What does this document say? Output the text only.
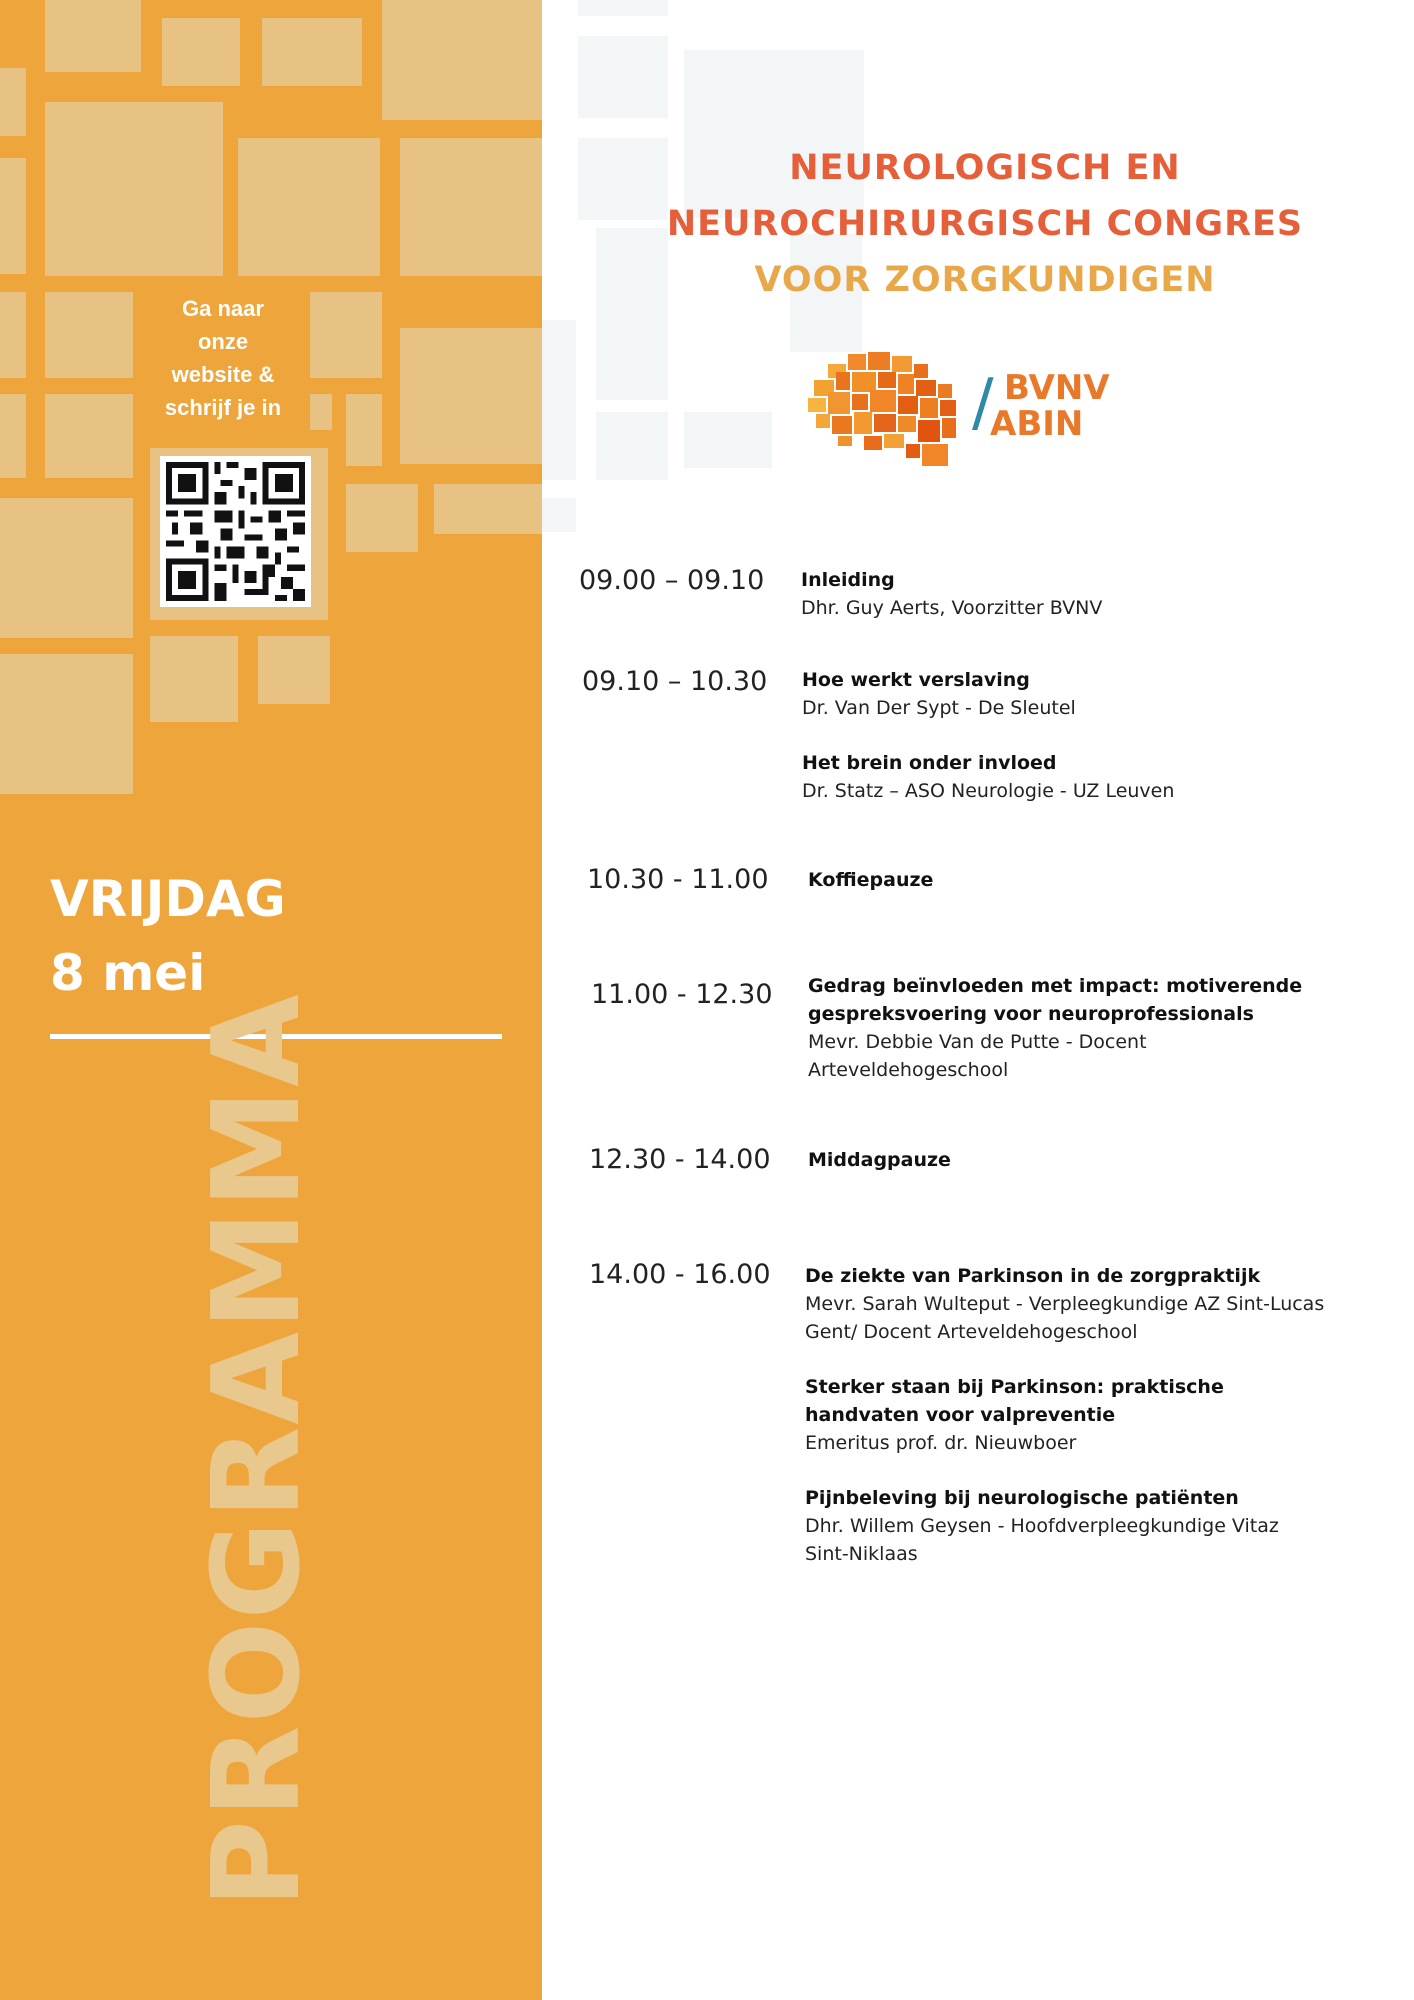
Ga naar
onze
website &
schrijf je in
VRIJDAG
8 mei
PROGRAMMA
NEUROLOGISCH EN
NEUROCHIRURGISCH CONGRES
VOOR ZORGKUNDIGEN
/ BVNV
ABIN
09.00 – 09.10 Inleiding
Dhr. Guy Aerts, Voorzitter BVNV
09.10 – 10.30 Hoe werkt verslaving
Dr. Van Der Sypt - De Sleutel
Het brein onder invloed
Dr. Statz – ASO Neurologie - UZ Leuven
10.30 - 11.00 Koffiepauze
11.00 - 12.30 Gedrag beïnvloeden met impact: motiverende gespreksvoering voor neuroprofessionals
Mevr. Debbie Van de Putte - Docent Arteveldehogeschool
12.30 - 14.00 Middagpauze
14.00 - 16.00 De ziekte van Parkinson in de zorgpraktijk
Mevr. Sarah Wulteput - Verpleegkundige AZ Sint-Lucas Gent/ Docent Arteveldehogeschool
Sterker staan bij Parkinson: praktische handvaten voor valpreventie
Emeritus prof. dr. Nieuwboer
Pijnbeleving bij neurologische patiënten
Dhr. Willem Geysen - Hoofdverpleegkundige Vitaz Sint-Niklaas
